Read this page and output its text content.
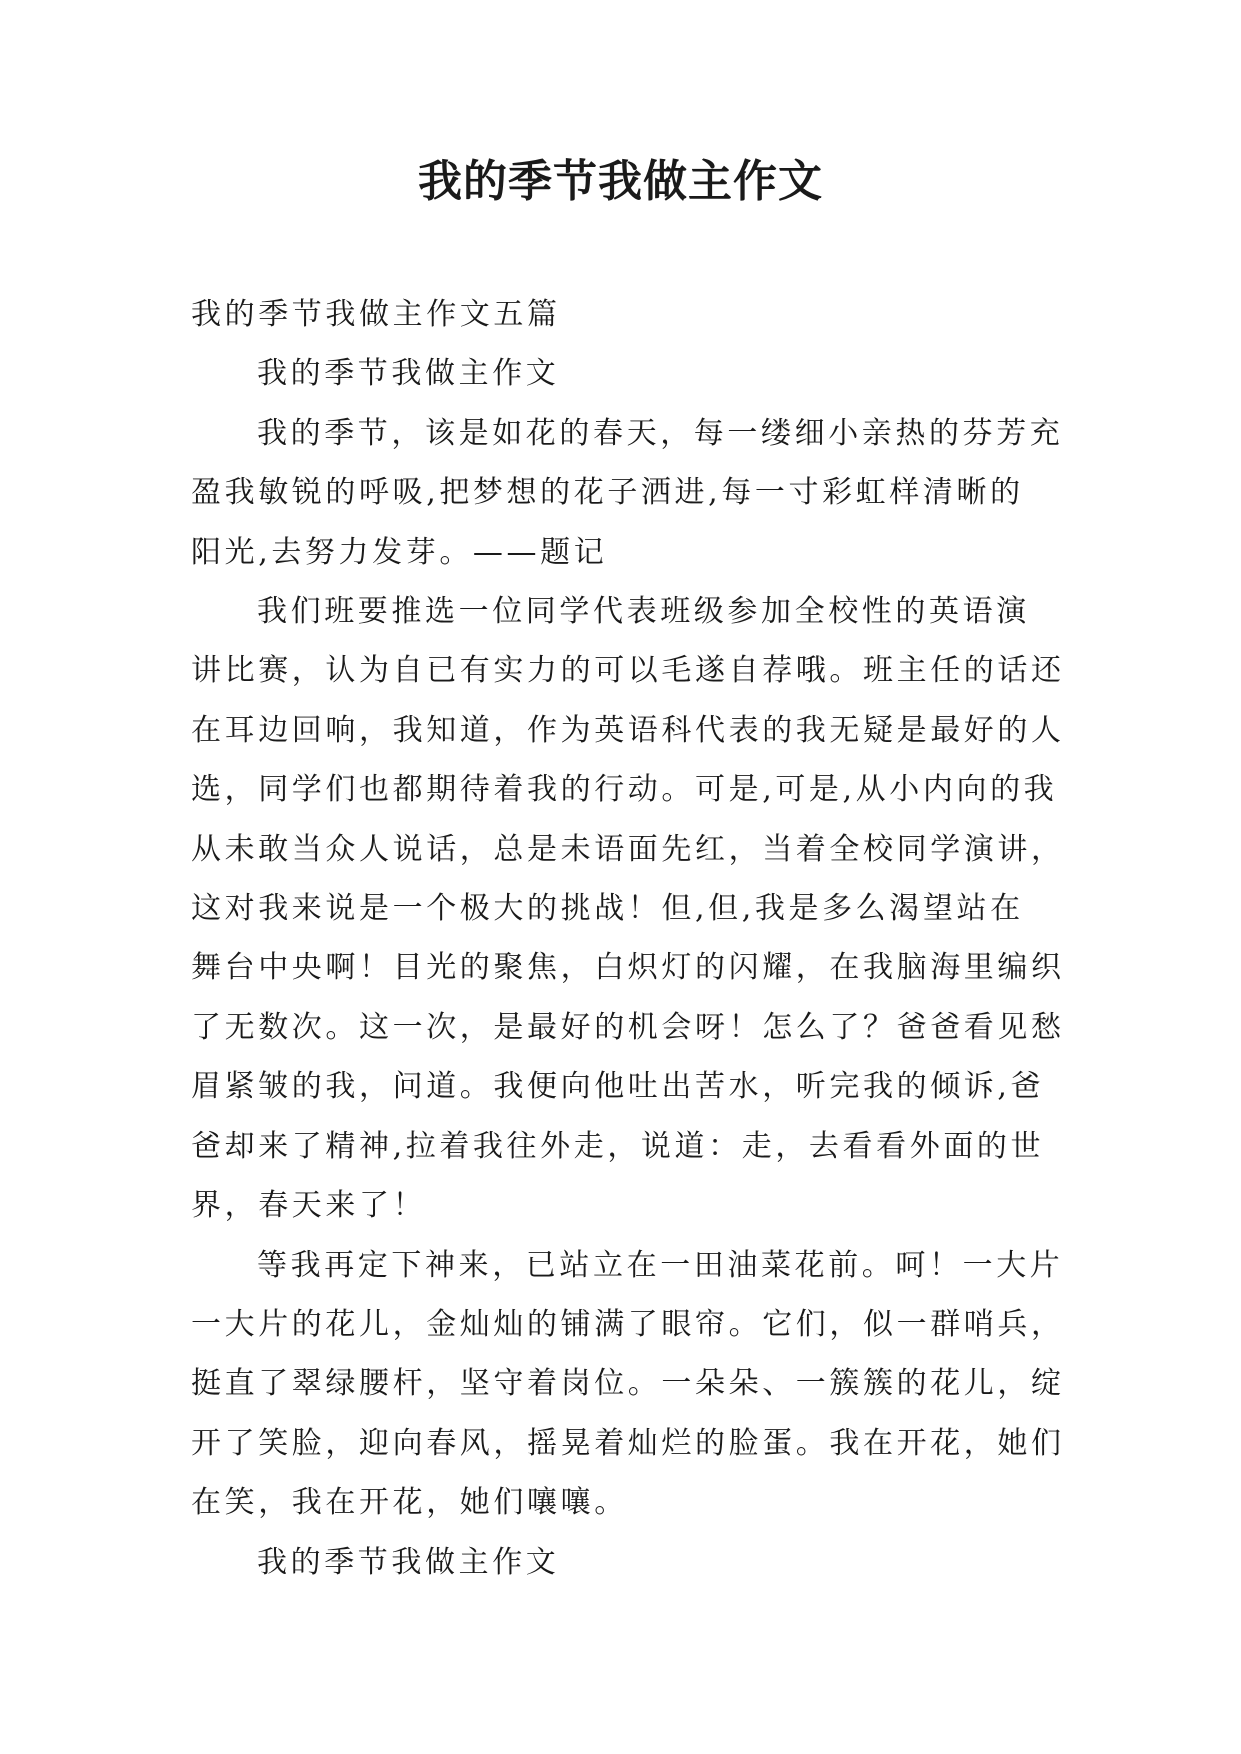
我的季节我做主作文

我的季节我做主作文五篇

我的季节我做主作文

我的季节，该是如花的春天，每一缕细小亲热的芬芳充

盈我敏锐的呼吸,把梦想的花子洒进,每一寸彩虹样清晰的

阳光,去努力发芽。——题记

我们班要推选一位同学代表班级参加全校性的英语演

讲比赛，认为自已有实力的可以毛遂自荐哦。班主任的话还

在耳边回响，我知道，作为英语科代表的我无疑是最好的人

选，同学们也都期待着我的行动。可是,可是,从小内向的我

从未敢当众人说话，总是未语面先红，当着全校同学演讲，

这对我来说是一个极大的挑战！但,但,我是多么渴望站在

舞台中央啊！目光的聚焦，白炽灯的闪耀，在我脑海里编织

了无数次。这一次，是最好的机会呀！怎么了？爸爸看见愁

眉紧皱的我，问道。我便向他吐出苦水，听完我的倾诉,爸

爸却来了精神,拉着我往外走，说道：走，去看看外面的世

界，春天来了！

等我再定下神来，已站立在一田油菜花前。呵！一大片

一大片的花儿，金灿灿的铺满了眼帘。它们，似一群哨兵，

挺直了翠绿腰杆，坚守着岗位。一朵朵、一簇簇的花儿，绽

开了笑脸，迎向春风，摇晃着灿烂的脸蛋。我在开花，她们

在笑，我在开花，她们嚷嚷。

我的季节我做主作文
